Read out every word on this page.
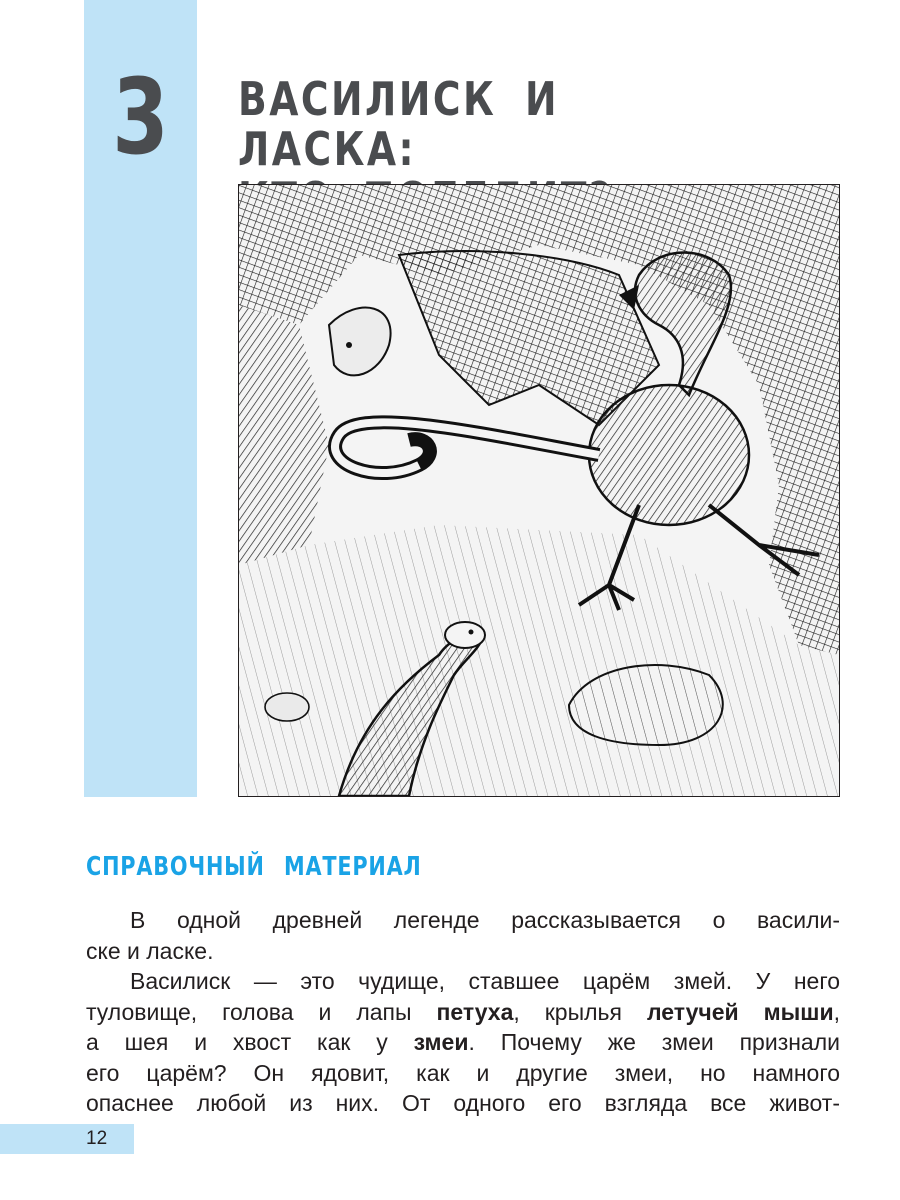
3	ВАСИЛИСК И ЛАСКА:
СПРАВОЧНЫЙ МАТЕРИАЛ
В одной древней легенде рассказывается о васили-
ске и ласке.
Василиск — это чудище, ставшее царём змей. У него
туловище, голова и лапы петуха, крылья летучей мыши,
а шея и хвост как у змеи. Почему же змеи признали
его царём? Он ядовит, как и другие змеи, но намного
опаснее любой из них. От одного его взгляда все живот-
12
